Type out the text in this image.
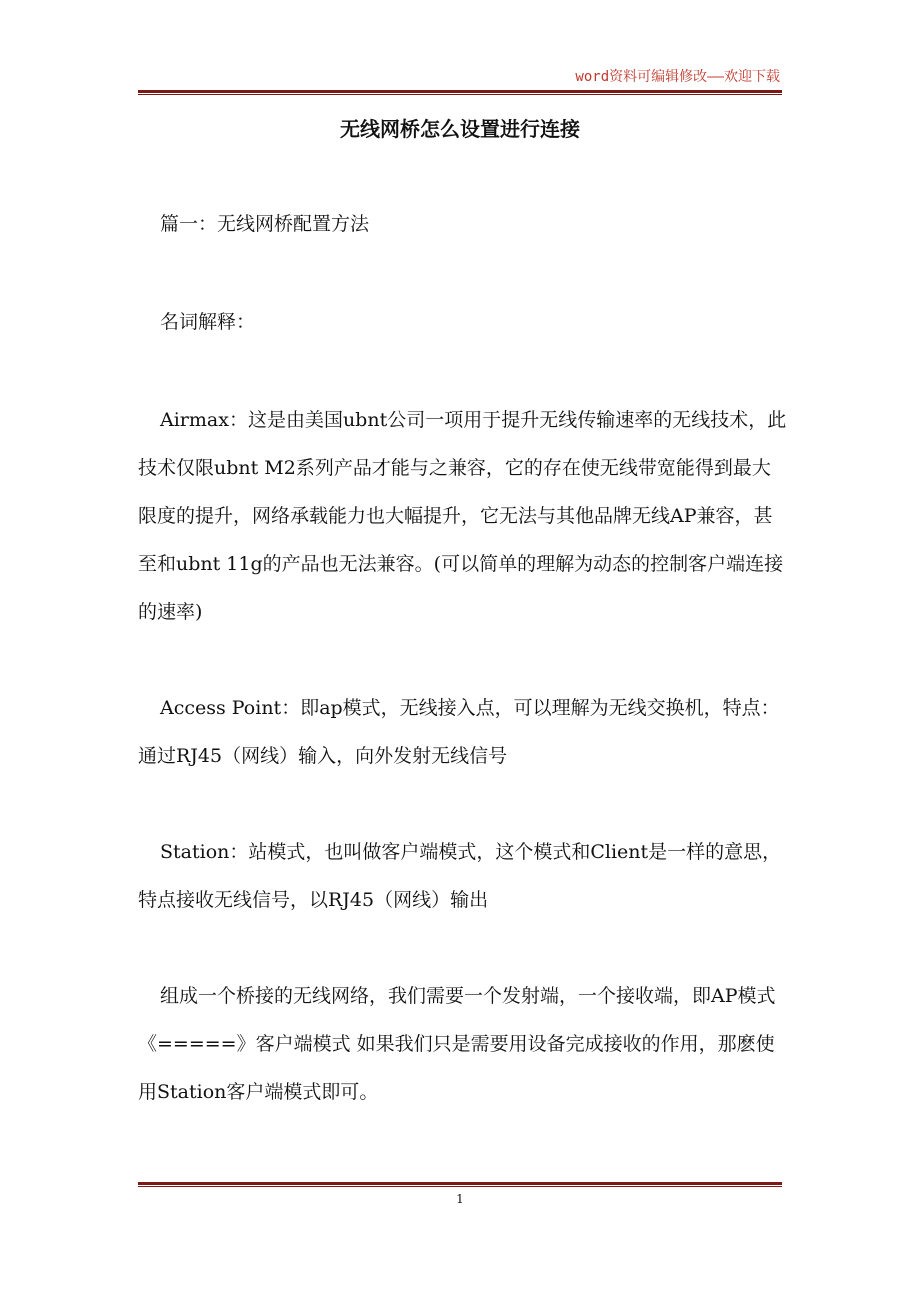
word资料可编辑修改——欢迎下载
无线网桥怎么设置进行连接

篇一：无线网桥配置方法

名词解释：

Airmax：这是由美国ubnt公司一项用于提升无线传输速率的无线技术，此技术仅限ubnt M2系列产品才能与之兼容，它的存在使无线带宽能得到最大限度的提升，网络承载能力也大幅提升，它无法与其他品牌无线AP兼容，甚至和ubnt 11g的产品也无法兼容。(可以简单的理解为动态的控制客户端连接的速率)

Access Point：即ap模式，无线接入点，可以理解为无线交换机，特点：通过RJ45（网线）输入，向外发射无线信号

Station：站模式，也叫做客户端模式，这个模式和Client是一样的意思，特点接收无线信号，以RJ45（网线）输出

组成一个桥接的无线网络，我们需要一个发射端，一个接收端，即AP模式《=====》客户端模式 如果我们只是需要用设备完成接收的作用，那麽使用Station客户端模式即可。

1
